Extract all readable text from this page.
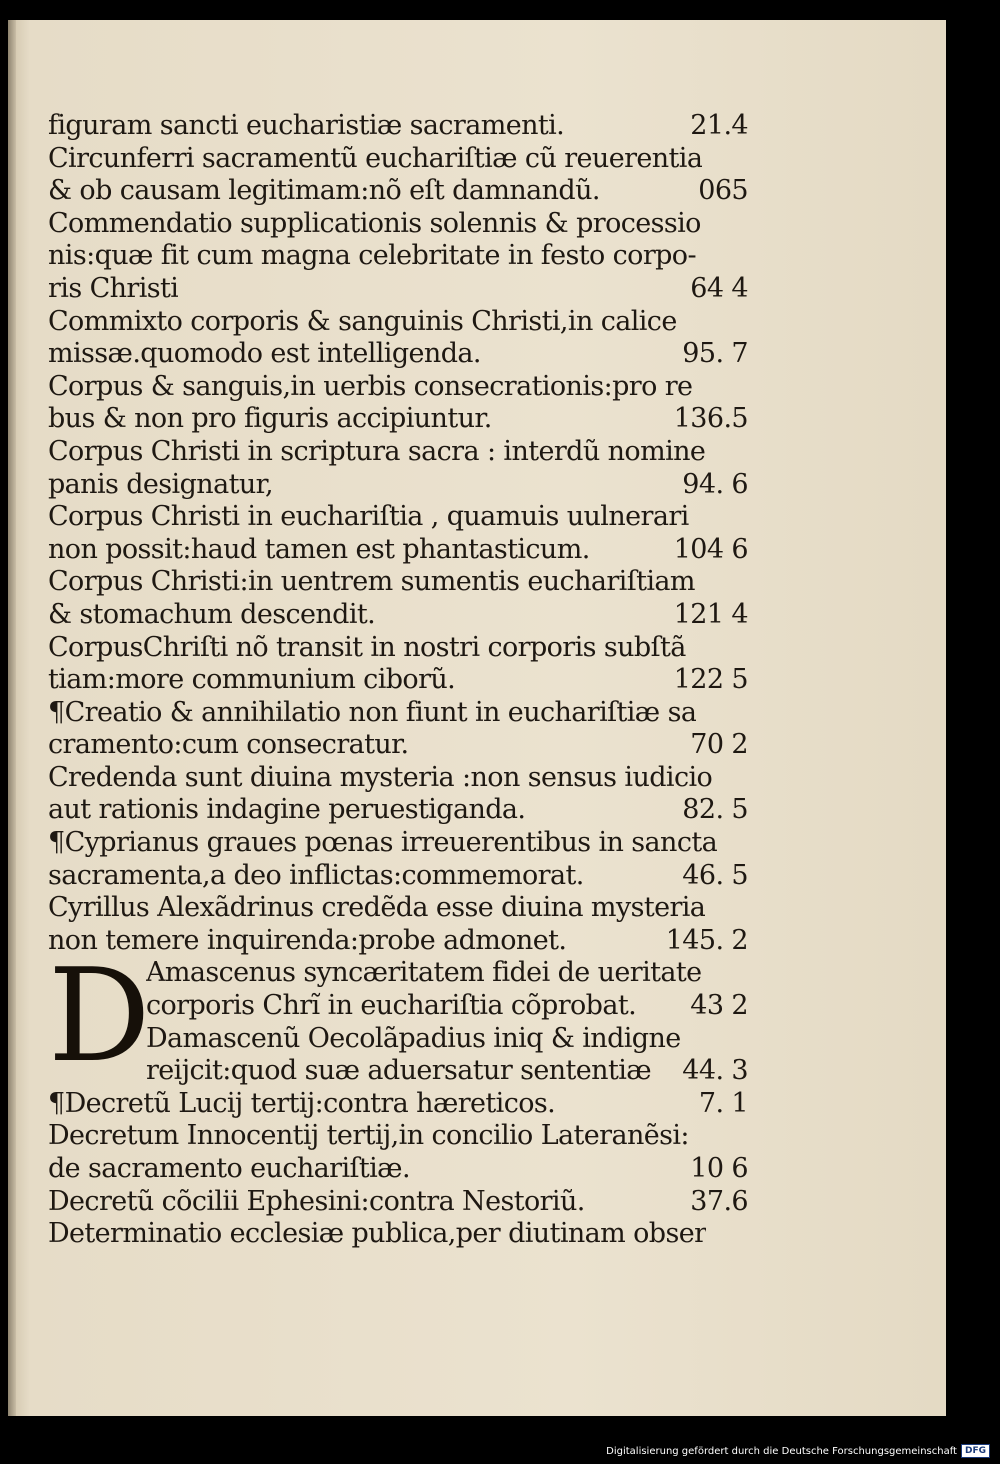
figuram sancti eucharistiæ sacramenti.	21.4
Circunferri sacramentũ euchariſtiæ cũ reuerentia
& ob causam legitimam:nõ eſt damnandũ.	065
Commendatio supplicationis solennis & processio
nis:quæ fit cum magna celebritate in festo corpo-
ris Christi	64 4
Commixto corporis & sanguinis Christi,in calice
missæ.quomodo est intelligenda.	95. 7
Corpus & sanguis,in uerbis consecrationis:pro re
bus & non pro figuris accipiuntur.	136.5
Corpus Christi in scriptura sacra : interdũ nomine
panis designatur,	94. 6
Corpus Christi in euchariſtia , quamuis uulnerari
non possit:haud tamen est phantasticum.	104 6
Corpus Christi:in uentrem sumentis euchariſtiam
& stomachum descendit.	121 4
CorpusChriſti nõ transit in nostri corporis subſtã
tiam:more communium ciborũ.	122 5
¶Creatio & annihilatio non fiunt in euchariſtiæ sa
cramento:cum consecratur.	70 2
Credenda sunt diuina mysteria :non sensus iudicio
aut rationis indagine peruestiganda.	82. 5
¶Cyprianus graues pœnas irreuerentibus in sancta
sacramenta,a deo inflictas:commemorat.	46. 5
Cyrillus Alexãdrinus credẽda esse diuina mysteria
non temere inquirenda:probe admonet.	145. 2
D
Amascenus syncæritatem fidei de ueritate
corporis Chrĩ in euchariſtia cõprobat.	43 2
Damascenũ Oecolãpadius iniq & indigne
reijcit:quod suæ aduersatur sententiæ	44. 3
¶Decretũ Lucij tertij:contra hæreticos.	7. 1
Decretum Innocentij tertij,in concilio Lateranẽsi:
de sacramento euchariſtiæ.	10 6
Decretũ cõcilii Ephesini:contra Nestoriũ.	37.6
Determinatio ecclesiæ publica,per diutinam obser
Digitalisierung gefördert durch die Deutsche Forschungsgemeinschaft DFG
